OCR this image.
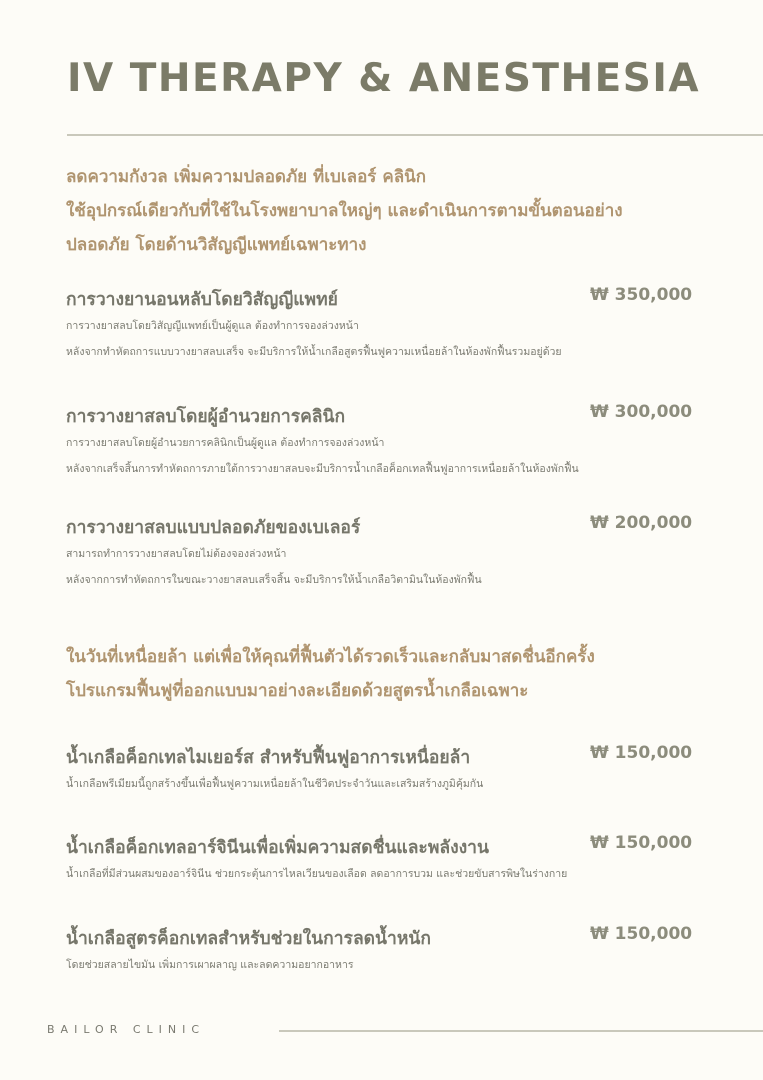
IV THERAPY & ANESTHESIA
ลดความกังวล เพิ่มความปลอดภัย ที่เบเลอร์ คลินิก
ใช้อุปกรณ์เดียวกับที่ใช้ในโรงพยาบาลใหญ่ๆ และดำเนินการตามขั้นตอนอย่าง
ปลอดภัย โดยด้านวิสัญญีแพทย์เฉพาะทาง
การวางยานอนหลับโดยวิสัญญีแพทย์	₩ 350,000
การวางยาสลบโดยวิสัญญีแพทย์เป็นผู้ดูแล ต้องทำการจองล่วงหน้า
หลังจากทำหัตถการแบบวางยาสลบเสร็จ จะมีบริการให้น้ำเกลือสูตรฟื้นฟูความเหนื่อยล้าในห้องพักฟื้นรวมอยู่ด้วย
การวางยาสลบโดยผู้อำนวยการคลินิก	₩ 300,000
การวางยาสลบโดยผู้อำนวยการคลินิกเป็นผู้ดูแล ต้องทำการจองล่วงหน้า
หลังจากเสร็จสิ้นการทำหัตถการภายใต้การวางยาสลบจะมีบริการน้ำเกลือค็อกเทลฟื้นฟูอาการเหนื่อยล้าในห้องพักฟื้น
การวางยาสลบแบบปลอดภัยของเบเลอร์	₩ 200,000
สามารถทำการวางยาสลบโดยไม่ต้องจองล่วงหน้า
หลังจากการทำหัตถการในขณะวางยาสลบเสร็จสิ้น จะมีบริการให้น้ำเกลือวิตามินในห้องพักฟื้น
ในวันที่เหนื่อยล้า แต่เพื่อให้คุณที่ฟื้นตัวได้รวดเร็วและกลับมาสดชื่นอีกครั้ง
โปรแกรมฟื้นฟูที่ออกแบบมาอย่างละเอียดด้วยสูตรน้ำเกลือเฉพาะ
น้ำเกลือค็อกเทลไมเยอร์ส สำหรับฟื้นฟูอาการเหนื่อยล้า	₩ 150,000
น้ำเกลือพรีเมียมนี้ถูกสร้างขึ้นเพื่อฟื้นฟูความเหนื่อยล้าในชีวิตประจำวันและเสริมสร้างภูมิคุ้มกัน
น้ำเกลือค็อกเทลอาร์จินีนเพื่อเพิ่มความสดชื่นและพลังงาน	₩ 150,000
น้ำเกลือที่มีส่วนผสมของอาร์จินีน ช่วยกระตุ้นการไหลเวียนของเลือด ลดอาการบวม และช่วยขับสารพิษในร่างกาย
น้ำเกลือสูตรค็อกเทลสำหรับช่วยในการลดน้ำหนัก	₩ 150,000
โดยช่วยสลายไขมัน เพิ่มการเผาผลาญ และลดความอยากอาหาร
BAILOR CLINIC
